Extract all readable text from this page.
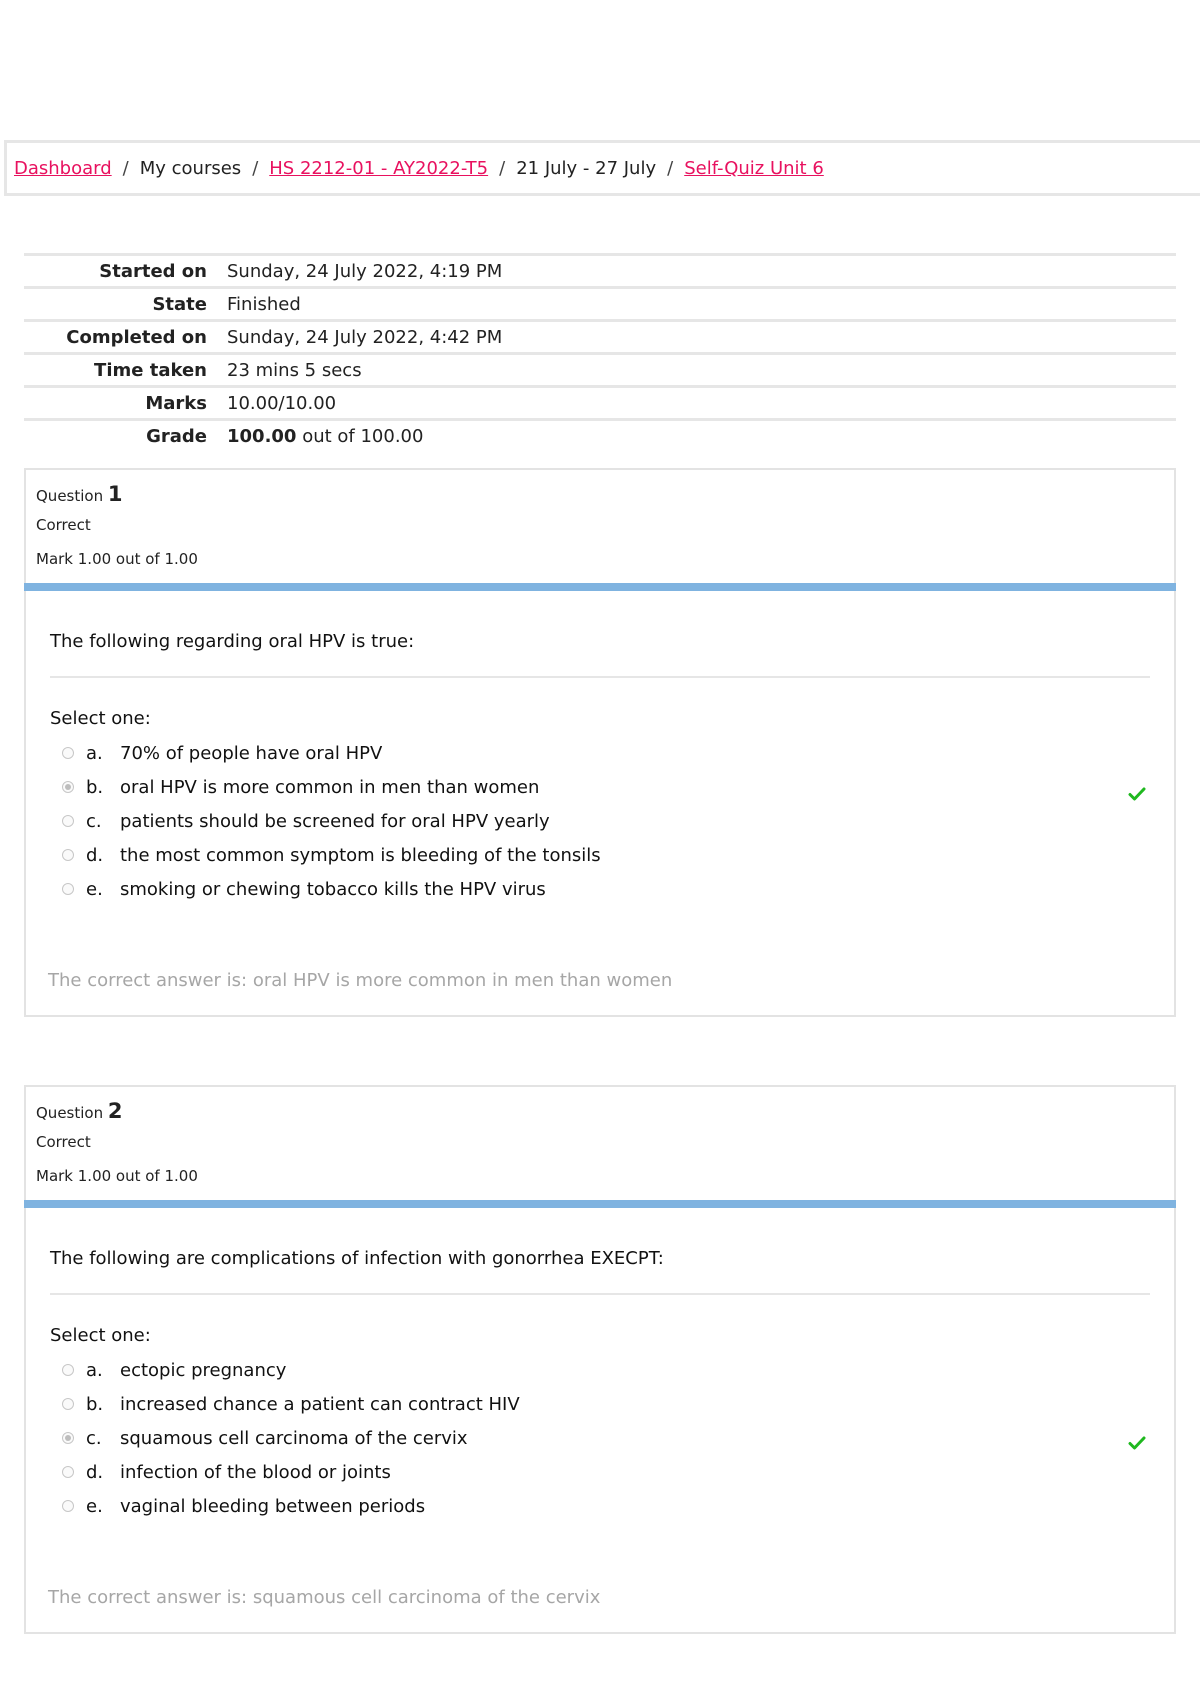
Dashboard / My courses / HS 2212-01 - AY2022-T5 / 21 July - 27 July / Self-Quiz Unit 6
Started on	Sunday, 24 July 2022, 4:19 PM
State	Finished
Completed on	Sunday, 24 July 2022, 4:42 PM
Time taken	23 mins 5 secs
Marks	10.00/10.00
Grade	100.00 out of 100.00
Question 1
Correct
Mark 1.00 out of 1.00
The following regarding oral HPV is true:
Select one:
a. 70% of people have oral HPV
b. oral HPV is more common in men than women
c.	patients should be screened for oral HPV yearly
d. the most common symptom is bleeding of the tonsils
e. smoking or chewing tobacco kills the HPV virus
The correct answer is: oral HPV is more common in men than women
Question 2
Correct
Mark 1.00 out of 1.00
The following are complications of infection with gonorrhea EXECPT:
Select one:
a. ectopic pregnancy
b. increased chance a patient can contract HIV
c.	squamous cell carcinoma of the cervix
d. infection of the blood or joints
e. vaginal bleeding between periods
The correct answer is: squamous cell carcinoma of the cervix
